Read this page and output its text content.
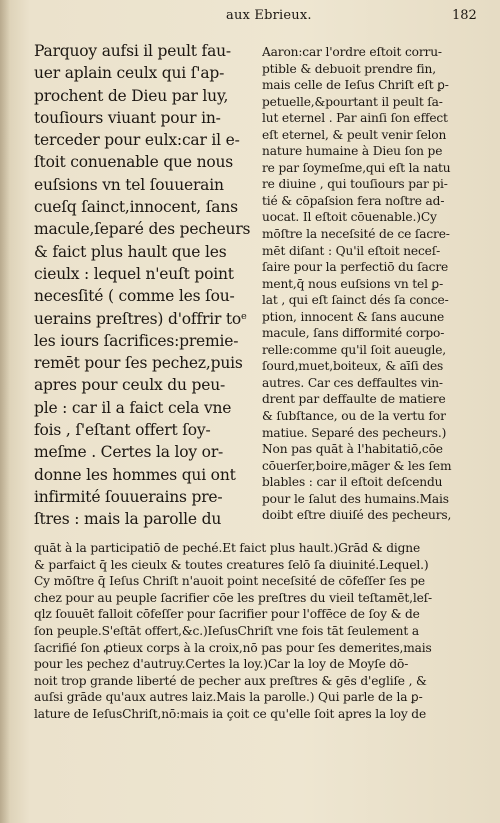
aux Ebrieux.	182
Parquoy aufsi il peult fau-
uer aplain ceulx qui ſ'ap-
prochent de Dieu par luy,
touſiours viuant pour in-
terceder pour eulx:car il e-
ſtoit conuenable que nous
euſsions vn tel ſouuerain
cueſq ſainct,innocent, ſans
macule,ſeparé des pecheurs
& faict plus hault que les
cieulx : lequel n'euſt point
necesſité ( comme les ſou-
uerains preſtres) d'offrir toᵉ
les iours ſacrifices:premie-
remēt pour ſes pechez,puis
apres pour ceulx du peu-
ple : car il a faict cela vne
fois , ſ'eſtant offert ſoy-
meſme . Certes la loy or-
donne les hommes qui ont
infirmité ſouuerains pre-
ſtres : mais la parolle du
Aaron:car l'ordre eſtoit corru-
ptible & debuoit prendre fin,
mais celle de Ieſus Chriſt eſt ꝑ-
petuelle,&pourtant il peult ſa-
lut eternel . Par ainſi ſon effect
eſt eternel, & peult venir ſelon
nature humaine à Dieu ſon pe
re par ſoymeſme,qui eſt la natu
re diuine , qui touſiours par pi-
tié & cōpaſsion fera noſtre ad-
uocat. Il eſtoit cōuenable.)Cy
mōſtre la neceſsité de ce ſacre-
mēt diſant : Qu'il eſtoit neceſ-
ſaire pour la perfectiō du ſacre
ment,q̄ nous euſsions vn tel ꝑ-
lat , qui eſt ſainct dés ſa conce-
ption, innocent & ſans aucune
macule, ſans difformité corpo-
relle:comme qu'il ſoit aueugle,
ſourd,muet,boiteux, & aīſi des
autres. Car ces deffaultes vin-
drent par deffaulte de matiere
& ſubſtance, ou de la vertu for
matiue. Separé des pecheurs.)
Non pas quāt à l'habitatiō,cōe
cōuerſer,boire,māger & les ſem
blables : car il eſtoit deſcendu
pour le ſalut des humains.Mais
doibt eſtre diuiſé des pecheurs,
quāt à la participatiō de peché.Et faict plus hault.)Grād & digne
& parfaict q̄ les cieulx & toutes creatures ſelō ſa diuinité.Lequel.)
Cy mōſtre q̄ Ieſus Chriſt n'auoit point neceſsité de cōfeſſer ſes pe
chez pour au peuple ſacrifier cōe les preſtres du vieil teſtamēt,leſ-
qlz ſouuēt falloit cōfeſſer pour ſacrifier pour l'offēce de ſoy & de
ſon peuple.S'eſtāt offert,&c.)IeſusChriſt vne fois tāt ſeulement a
ſacrifié ſon ꝓtieux corps à la croix,nō pas pour ſes demerites,mais
pour les pechez d'autruy.Certes la loy.)Car la loy de Moyſe dō-
noit trop grande liberté de pecher aux preſtres & gēs d'egliſe , &
auſsi grāde qu'aux autres laiz.Mais la parolle.) Qui parle de la ꝑ-
lature de IeſusChriſt,nō:mais ia çoit ce qu'elle ſoit apres la loy de
